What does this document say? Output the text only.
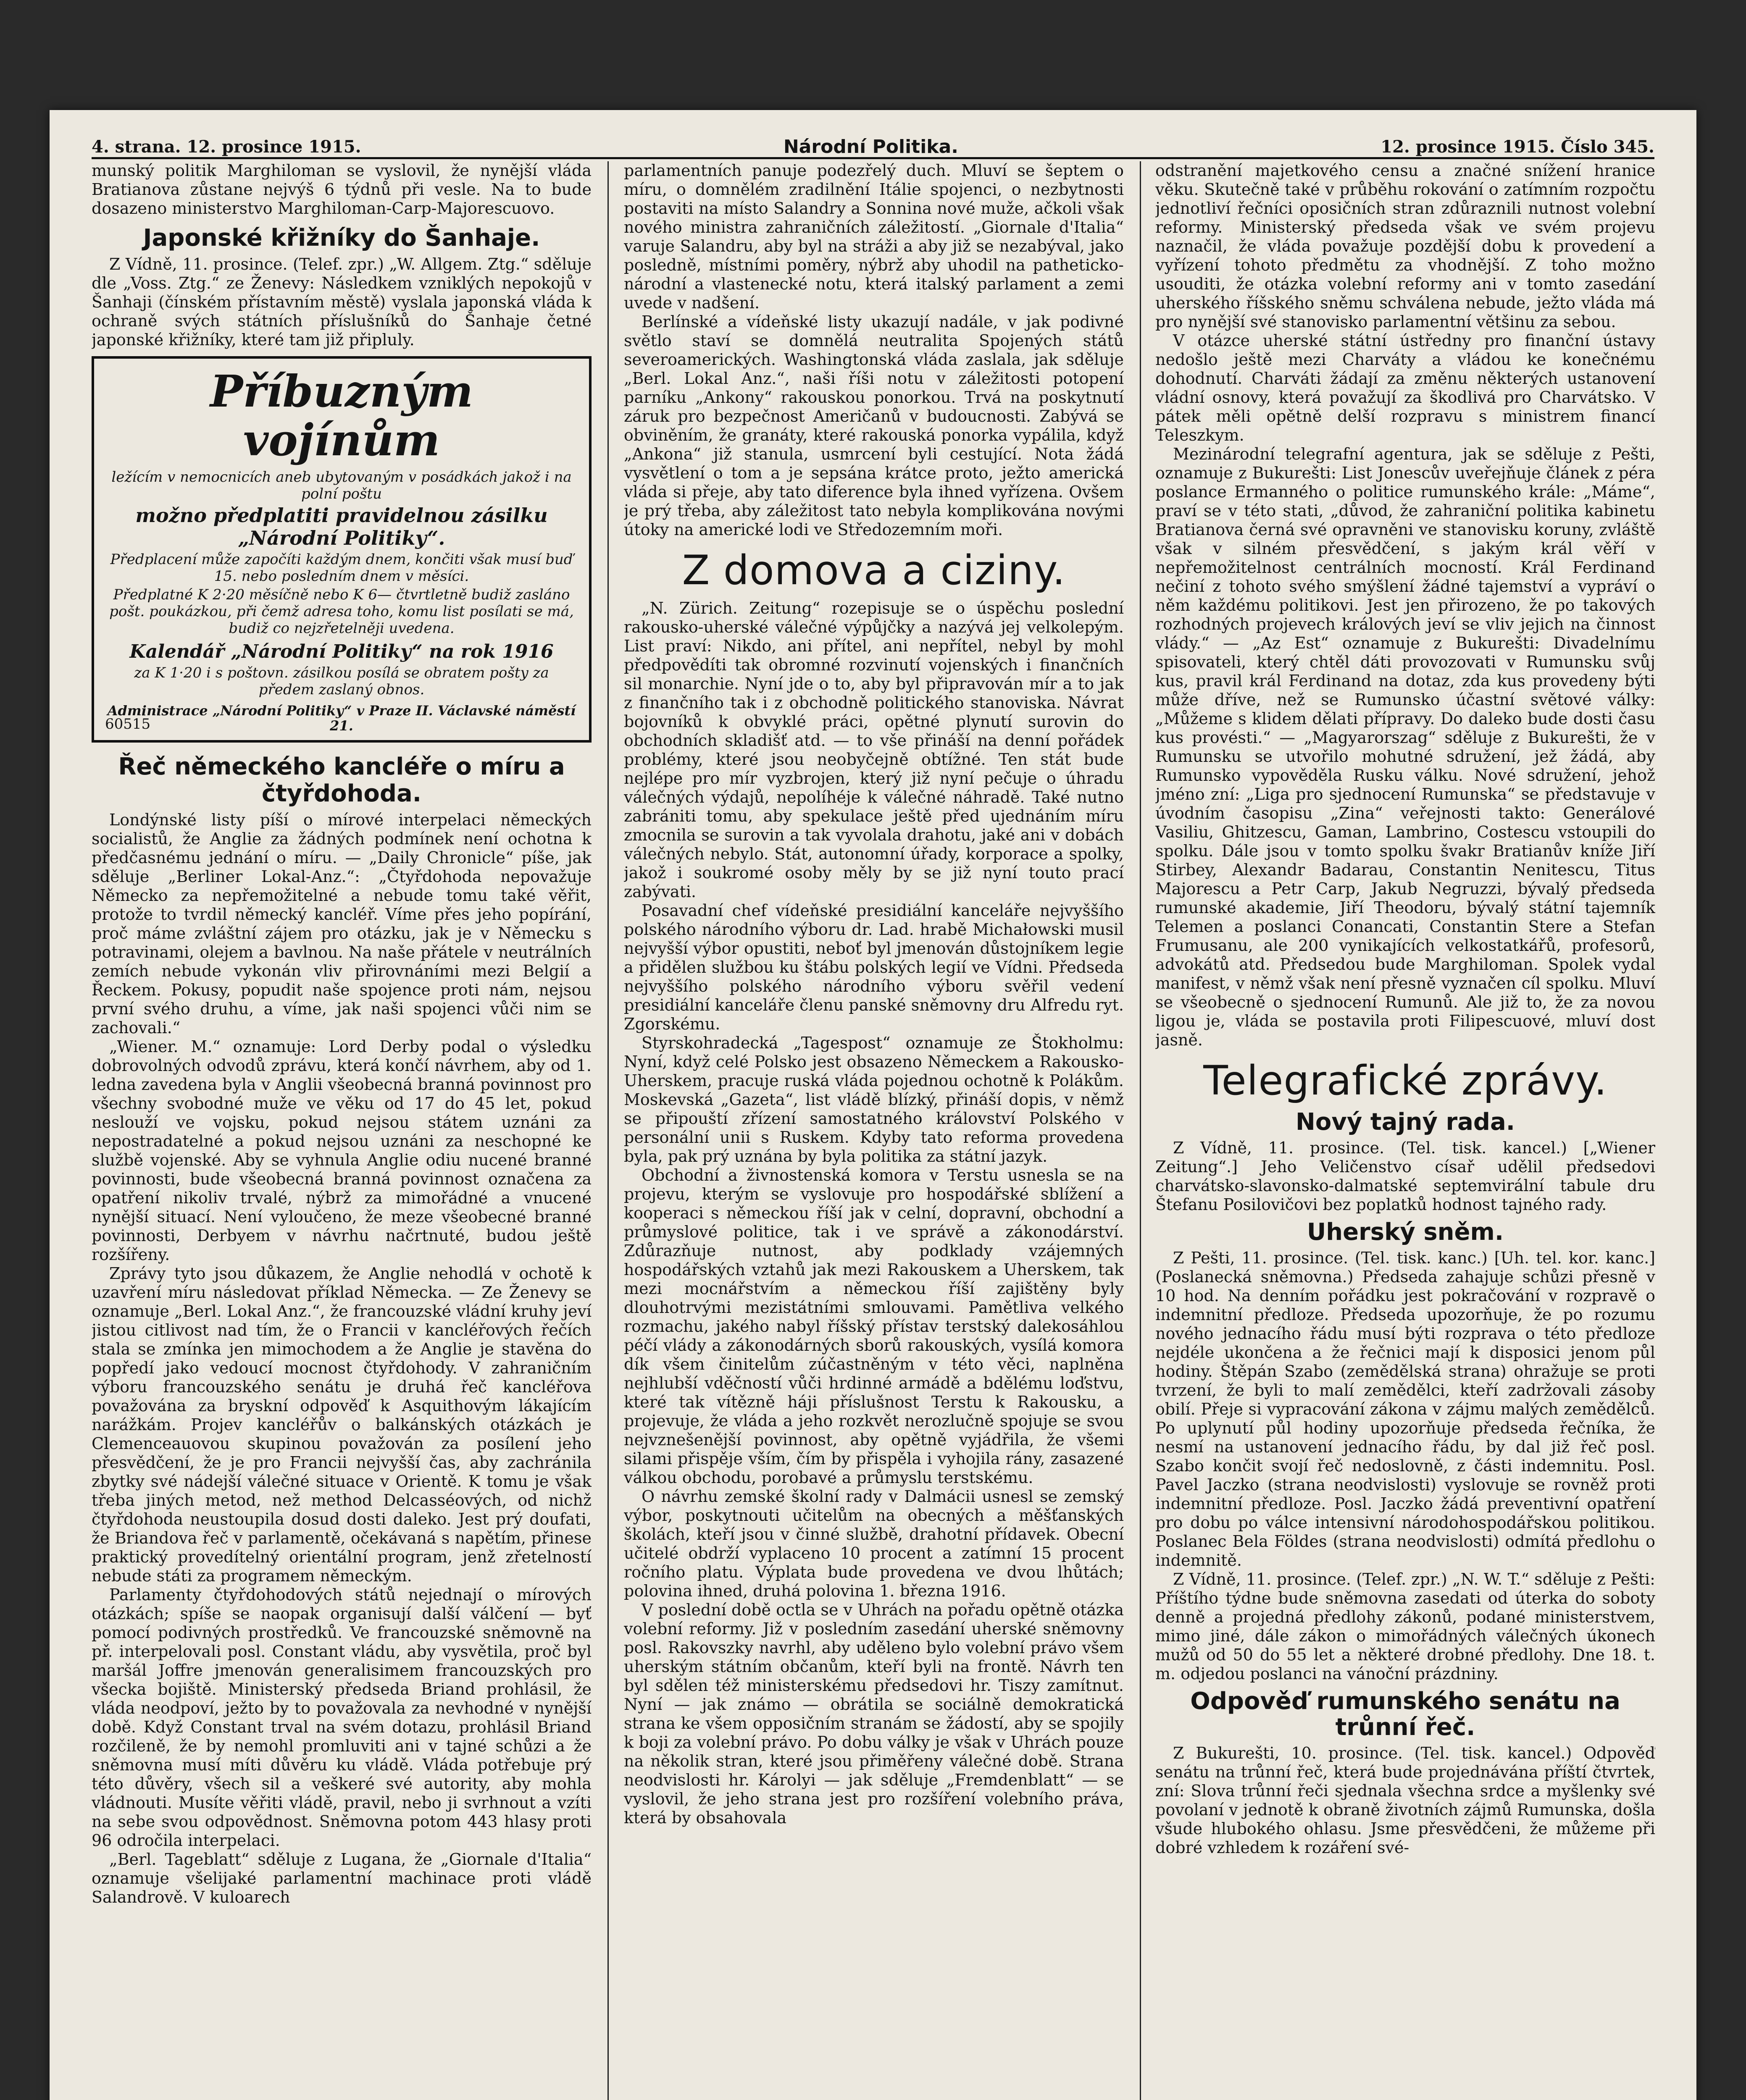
4. strana. 12. prosince 1915.	Národní Politika.	12. prosince 1915. Číslo 345.

munský politik Marghiloman se vyslovil, že nynější vláda Bratianova zůstane nejvýš 6 týdnů při vesle. Na to bude dosazeno ministerstvo Marghiloman-Carp-Majorescuovo.

Japonské křižníky do Šanhaje.

Z Vídně, 11. prosince. (Telef. zpr.) „W. Allgem. Ztg.“ sděluje dle „Voss. Ztg.“ ze Ženevy: Následkem vzniklých nepokojů v Šanhaji (čínském přístavním městě) vyslala japonská vláda k ochraně svých státních příslušníků do Šanhaje četné japonské křižníky, které tam již připluly.

Příbuzným vojínům
ležícím v nemocnicích aneb ubytovaným v posádkách jakož i na polní poštu
možno předplatiti pravidelnou zásilku „Národní Politiky“.
Předplacení může započíti každým dnem, končiti však musí buď 15. nebo posledním dnem v měsíci.
Předplatné K 2·20 měsíčně nebo K 6— čtvrtletně budiž zasláno pošt. poukázkou, při čemž adresa toho, komu list posílati se má, budiž co nejzřetelněji uvedena.
Kalendář „Národní Politiky“ na rok 1916
za K 1·20 i s poštovn. zásilkou posílá se obratem pošty za předem zaslaný obnos.
Administrace „Národní Politiky“ v Praze II. Václavské náměstí 21.
60515
Řeč německého kancléře o míru a čtyřdohoda.

Londýnské listy píší o mírové interpelaci německých socialistů, že Anglie za žádných podmínek není ochotna k předčasnému jednání o míru. — „Daily Chronicle“ píše, jak sděluje „Berliner Lokal-Anz.“: „Čtyřdohoda nepovažuje Německo za nepřemožitelné a nebude tomu také věřit, protože to tvrdil německý kancléř. Víme přes jeho popírání, proč máme zvláštní zájem pro otázku, jak je v Německu s potravinami, olejem a bavlnou. Na naše přátele v neutrálních zemích nebude vykonán vliv přirovnáními mezi Belgií a Řeckem. Pokusy, popudit naše spojence proti nám, nejsou první svého druhu, a víme, jak naši spojenci vůči nim se zachovali.“

„Wiener. M.“ oznamuje: Lord Derby podal o výsledku dobrovolných odvodů zprávu, která končí návrhem, aby od 1. ledna zavedena byla v Anglii všeobecná branná povinnost pro všechny svobodné muže ve věku od 17 do 45 let, pokud neslouží ve vojsku, pokud nejsou státem uznáni za nepostradatelné a pokud nejsou uznáni za neschopné ke službě vojenské. Aby se vyhnula Anglie odiu nucené branné povinnosti, bude všeobecná branná povinnost označena za opatření nikoliv trvalé, nýbrž za mimořádné a vnucené nynější situací. Není vyloučeno, že meze všeobecné branné povinnosti, Derbyem v návrhu načrtnuté, budou ještě rozšířeny.

Zprávy tyto jsou důkazem, že Anglie nehodlá v ochotě k uzavření míru následovat příklad Německa. — Ze Ženevy se oznamuje „Berl. Lokal Anz.“, že francouzské vládní kruhy jeví jistou citlivost nad tím, že o Francii v kancléřových řečích stala se zmínka jen mimochodem a že Anglie je stavěna do popředí jako vedoucí mocnost čtyřdohody. V zahraničním výboru francouzského senátu je druhá řeč kancléřova považována za bryskní odpověď k Asquithovým lákajícím narážkám. Projev kancléřův o balkánských otázkách je Clemenceauovou skupinou považován za posílení jeho přesvědčení, že je pro Francii nejvyšší čas, aby zachránila zbytky své nádejší válečné situace v Orientě. K tomu je však třeba jiných metod, než method Delcasséových, od nichž čtyřdohoda neustoupila dosud dosti daleko. Jest prý doufati, že Briandova řeč v parlamentě, očekávaná s napětím, přinese praktický provedítelný orientální program, jenž zřetelností nebude státi za programem německým.

Parlamenty čtyřdohodových států nejednají o mírových otázkách; spíše se naopak organisují další válčení — byť pomocí podivných prostředků. Ve francouzské sněmovně na př. interpelovali posl. Constant vládu, aby vysvětila, proč byl maršál Joffre jmenován generalisimem francouzských pro všecka bojiště. Ministerský předseda Briand prohlásil, že vláda neodpoví, ježto by to považovala za nevhodné v nynější době. Když Constant trval na svém dotazu, prohlásil Briand rozčileně, že by nemohl promluviti ani v tajné schůzi a že sněmovna musí míti důvěru ku vládě. Vláda potřebuje prý této důvěry, všech sil a veškeré své autority, aby mohla vládnouti. Musíte věřiti vládě, pravil, nebo ji svrhnout a vzíti na sebe svou odpovědnost. Sněmovna potom 443 hlasy proti 96 odročila interpelaci.

„Berl. Tageblatt“ sděluje z Lugana, že „Giornale d'Italia“ oznamuje všelijaké parlamentní machinace proti vládě Salandrově. V kuloarech

parlamentních panuje podezřelý duch. Mluví se šeptem o míru, o domnělém zradilnění Itálie spojenci, o nezbytnosti postaviti na místo Salandry a Sonnina nové muže, ačkoli však nového ministra zahraničních záležitostí. „Giornale d'Italia“ varuje Salandru, aby byl na stráži a aby již se nezabýval, jako posledně, místními poměry, nýbrž aby uhodil na patheticko-národní a vlastenecké notu, která italský parlament a zemi uvede v nadšení.

Berlínské a vídeňské listy ukazují nadále, v jak podivné světlo staví se domnělá neutralita Spojených států severoamerických. Washingtonská vláda zaslala, jak sděluje „Berl. Lokal Anz.“, naši říši notu v záležitosti potopení parníku „Ankony“ rakouskou ponorkou. Trvá na poskytnutí záruk pro bezpečnost Američanů v budoucnosti. Zabývá se obviněním, že granáty, které rakouská ponorka vypálila, když „Ankona“ již stanula, usmrcení byli cestující. Nota žádá vysvětlení o tom a je sepsána krátce proto, ježto americká vláda si přeje, aby tato diference byla ihned vyřízena. Ovšem je prý třeba, aby záležitost tato nebyla komplikována novými útoky na americké lodi ve Středozemním moři.

Z domova a ciziny.

„N. Zürich. Zeitung“ rozepisuje se o úspěchu poslední rakousko-uherské válečné výpůjčky a nazývá jej velkolepým. List praví: Nikdo, ani přítel, ani nepřítel, nebyl by mohl předpovědíti tak obromné rozvinutí vojenských i finančních sil monarchie. Nyní jde o to, aby byl připravován mír a to jak z finančního tak i z obchodně politického stanoviska. Návrat bojovníků k obvyklé práci, opětné plynutí surovin do obchodních skladišť atd. — to vše přináší na denní pořádek problémy, které jsou neobyčejně obtížné. Ten stát bude nejlépe pro mír vyzbrojen, který již nyní pečuje o úhradu válečných výdajů, nepolíhéje k válečné náhradě. Také nutno zabrániti tomu, aby spekulace ještě před ujednáním míru zmocnila se surovin a tak vyvolala drahotu, jaké ani v dobách válečných nebylo. Stát, autonomní úřady, korporace a spolky, jakož i soukromé osoby měly by se již nyní touto prací zabývati.

Posavadní chef vídeňské presidiální kanceláře nejvyššího polského národního výboru dr. Lad. hrabě Michałowski musil nejvyšší výbor opustiti, neboť byl jmenován důstojníkem legie a přidělen službou ku štábu polských legií ve Vídni. Předseda nejvyššího polského národního výboru svěřil vedení presidiální kanceláře členu panské sněmovny dru Alfredu ryt. Zgorskému.

Styrskohradecká „Tagespost“ oznamuje ze Štokholmu: Nyní, když celé Polsko jest obsazeno Německem a Rakousko-Uherskem, pracuje ruská vláda pojednou ochotně k Polákům. Moskevská „Gazeta“, list vládě blízký, přináší dopis, v němž se připouští zřízení samostatného království Polského v personální unii s Ruskem. Kdyby tato reforma provedena byla, pak prý uznána by byla politika za státní jazyk.

Obchodní a živnostenská komora v Terstu usnesla se na projevu, kterým se vyslovuje pro hospodářské sblížení a kooperaci s německou říší jak v celní, dopravní, obchodní a průmyslové politice, tak i ve správě a zákonodárství. Zdůrazňuje nutnost, aby podklady vzájemných hospodářských vztahů jak mezi Rakouskem a Uherskem, tak mezi mocnářstvím a německou říší zajištěny byly dlouhotrvými mezistátními smlouvami. Pamětliva velkého rozmachu, jakého nabyl říšský přístav terstský dalekosáhlou péčí vlády a zákonodárných sborů rakouských, vysílá komora dík všem činitelům zúčastněným v této věci, naplněna nejhlubší vděčností vůči hrdinné armádě a bdělému loďstvu, které tak vítězně háji příslušnost Terstu k Rakousku, a projevuje, že vláda a jeho rozkvět nerozlučně spojuje se svou nejvznešenější povinnost, aby opětně vyjádřila, že všemi silami přispěje vším, čím by přispěla i vyhojila rány, zasazené válkou obchodu, porobavé a průmyslu terstskému.

O návrhu zemské školní rady v Dalmácii usnesl se zemský výbor, poskytnouti učitelům na obecných a měšťanských školách, kteří jsou v činné službě, drahotní přídavek. Obecní učitelé obdrží vyplaceno 10 procent a zatímní 15 procent ročního platu. Výplata bude provedena ve dvou lhůtách; polovina ihned, druhá polovina 1. března 1916.

V poslední době octla se v Uhrách na pořadu opětně otázka volební reformy. Již v posledním zasedání uherské sněmovny posl. Rakovszky navrhl, aby uděleno bylo volební právo všem uherským státním občanům, kteří byli na frontě. Návrh ten byl sdělen též ministerskému předsedovi hr. Tiszy zamítnut. Nyní — jak známo — obrátila se sociálně demokratická strana ke všem opposičním stranám se žádostí, aby se spojily k boji za volební právo. Po dobu války je však v Uhrách pouze na několik stran, které jsou přiměřeny válečné době. Strana neodvislosti hr. Károlyi — jak sděluje „Fremdenblatt“ — se vyslovil, že jeho strana jest pro rozšíření volebního práva, která by obsahovala

odstranění majetkového censu a značné snížení hranice věku. Skutečně také v průběhu rokování o zatímním rozpočtu jednotliví řečníci oposičních stran zdůraznili nutnost volební reformy. Ministerský předseda však ve svém projevu naznačil, že vláda považuje pozdější dobu k provedení a vyřízení tohoto předmětu za vhodnější. Z toho možno usouditi, že otázka volební reformy ani v tomto zasedání uherského říšského sněmu schválena nebude, ježto vláda má pro nynější své stanovisko parlamentní většinu za sebou.

V otázce uherské státní ústředny pro finanční ústavy nedošlo ještě mezi Charváty a vládou ke konečnému dohodnutí. Charváti žádají za změnu některých ustanovení vládní osnovy, která považují za škodlivá pro Charvátsko. V pátek měli opětně delší rozpravu s ministrem financí Teleszkym.

Mezinárodní telegrafní agentura, jak se sděluje z Pešti, oznamuje z Bukurešti: List Jonescův uveřejňuje článek z péra poslance Ermanného o politice rumunského krále: „Máme“, praví se v této stati, „důvod, že zahraniční politika kabinetu Bratianova černá své opravněni ve stanovisku koruny, zvláště však v silném přesvědčení, s jakým král věří v nepřemožitelnost centrálních mocností. Král Ferdinand nečiní z tohoto svého smýšlení žádné tajemství a vypráví o něm každému politikovi. Jest jen přirozeno, že po takových rozhodných projevech králových jeví se vliv jejich na činnost vlády.“ — „Az Est“ oznamuje z Bukurešti: Divadelnímu spisovateli, který chtěl dáti provozovati v Rumunsku svůj kus, pravil král Ferdinand na dotaz, zda kus provedeny býti může dříve, než se Rumunsko účastní světové války: „Můžeme s klidem dělati přípravy. Do daleko bude dosti času kus provésti.“ — „Magyarorszag“ sděluje z Bukurešti, že v Rumunsku se utvořilo mohutné sdružení, jež žádá, aby Rumunsko vypověděla Rusku válku. Nové sdružení, jehož jméno zní: „Liga pro sjednocení Rumunska“ se představuje v úvodním časopisu „Zina“ veřejnosti takto: Generálové Vasiliu, Ghitzescu, Gaman, Lambrino, Costescu vstoupili do spolku. Dále jsou v tomto spolku švakr Bratianův kníže Jiří Stirbey, Alexandr Badarau, Constantin Nenitescu, Titus Majorescu a Petr Carp, Jakub Negruzzi, bývalý předseda rumunské akademie, Jiří Theodoru, bývalý státní tajemník Telemen a poslanci Conancati, Constantin Stere a Stefan Frumusanu, ale 200 vynikajících velkostatkářů, profesorů, advokátů atd. Předsedou bude Marghiloman. Spolek vydal manifest, v němž však není přesně vyznačen cíl spolku. Mluví se všeobecně o sjednocení Rumunů. Ale již to, že za novou ligou je, vláda se postavila proti Filipescuové, mluví dost jasně.

Telegrafické zprávy.
Nový tajný rada.

Z Vídně, 11. prosince. (Tel. tisk. kancel.) [„Wiener Zeitung“.] Jeho Veličenstvo císař udělil předsedovi charvátsko-slavonsko-dalmatské septemvirální tabule dru Štefanu Posilovičovi bez poplatků hodnost tajného rady.

Uherský sněm.

Z Pešti, 11. prosince. (Tel. tisk. kanc.) [Uh. tel. kor. kanc.] (Poslanecká sněmovna.) Předseda zahajuje schůzi přesně v 10 hod. Na denním pořádku jest pokračování v rozpravě o indemnitní předloze. Předseda upozorňuje, že po rozumu nového jednacího řádu musí býti rozprava o této předloze nejdéle ukončena a že řečnici mají k disposici jenom půl hodiny. Štěpán Szabo (zemědělská strana) ohražuje se proti tvrzení, že byli to malí zemědělci, kteří zadržovali zásoby obilí. Přeje si vypracování zákona v zájmu malých zemědělců. Po uplynutí půl hodiny upozorňuje předseda řečníka, že nesmí na ustanovení jednacího řádu, by dal již řeč posl. Szabo končit svojí řeč nedoslovně, z části indemnitu. Posl. Pavel Jaczko (strana neodvislosti) vyslovuje se rovněž proti indemnitní předloze. Posl. Jaczko žádá preventivní opatření pro dobu po válce intensivní národohospodářskou politikou. Poslanec Bela Földes (strana neodvislosti) odmítá předlohu o indemnitě.

Z Vídně, 11. prosince. (Telef. zpr.) „N. W. T.“ sděluje z Pešti: Příštího týdne bude sněmovna zasedati od úterka do soboty denně a projedná předlohy zákonů, podané ministerstvem, mimo jiné, dále zákon o mimořádných válečných úkonech mužů od 50 do 55 let a některé drobné předlohy. Dne 18. t. m. odjedou poslanci na vánoční prázdniny.

Odpověď rumunského senátu na trůnní řeč.

Z Bukurešti, 10. prosince. (Tel. tisk. kancel.) Odpověď senátu na trůnní řeč, která bude projednávána příští čtvrtek, zní: Slova trůnní řeči sjednala všechna srdce a myšlenky své povolaní v jednotě k obraně životních zájmů Rumunska, došla všude hlubokého ohlasu. Jsme přesvědčeni, že můžeme při dobré vzhledem k rozáření své-
